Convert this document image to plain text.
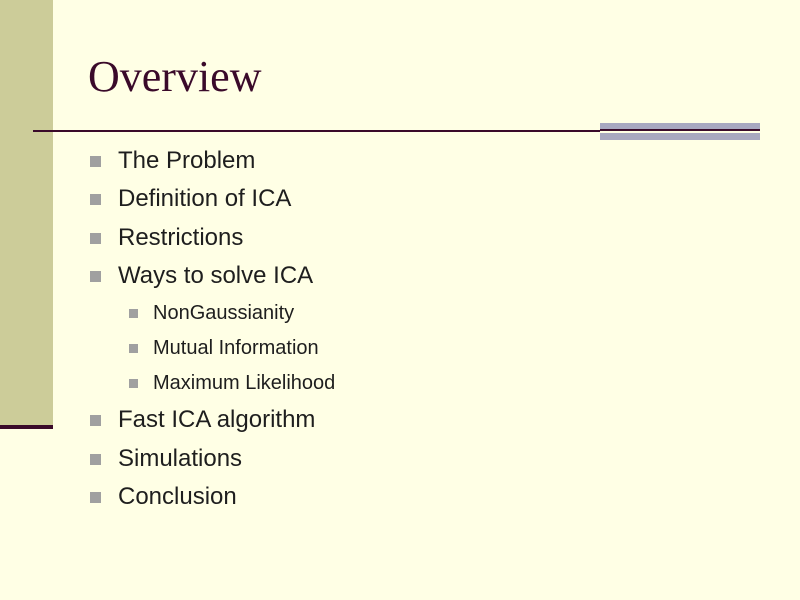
Overview
The Problem
Definition of ICA
Restrictions
Ways to solve ICA
NonGaussianity
Mutual Information
Maximum Likelihood
Fast ICA algorithm
Simulations
Conclusion
